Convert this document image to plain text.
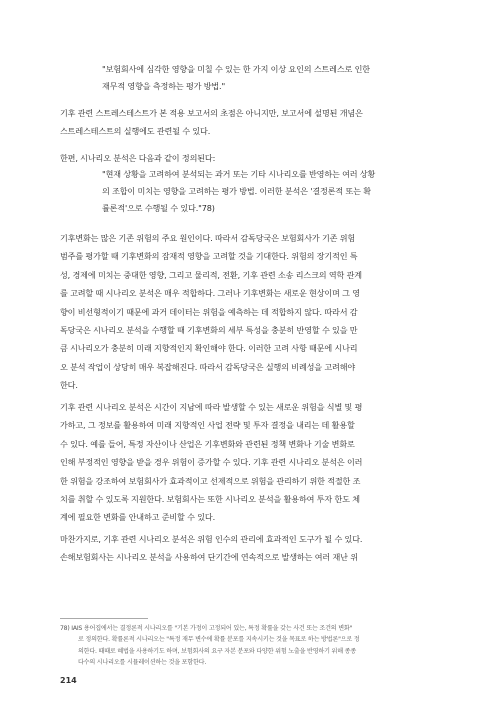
"보험회사에 심각한 영향을 미칠 수 있는 한 가지 이상 요인의 스트레스로 인한
재무적 영향을 측정하는 평가 방법."
기후 관련 스트레스테스트가 본 적용 보고서의 초점은 아니지만, 보고서에 설명된 개념은
스트레스테스트의 실행에도 관련될 수 있다.
한편, 시나리오 분석은 다음과 같이 정의된다:
"현재 상황을 고려하여 분석되는 과거 또는 기타 시나리오를 반영하는 여러 상황
의 조합이 미치는 영향을 고려하는 평가 방법. 이러한 분석은 '결정론적 또는 확
률론적'으로 수행될 수 있다."78)
기후변화는 많은 기존 위험의 주요 원인이다. 따라서 감독당국은 보험회사가 기존 위험
범주를 평가할 때 기후변화의 잠재적 영향을 고려할 것을 기대한다. 위험의 장기적인 특
성, 경제에 미치는 중대한 영향, 그리고 물리적, 전환, 기후 관련 소송 리스크의 역학 관계
를 고려할 때 시나리오 분석은 매우 적합하다. 그러나 기후변화는 새로운 현상이며 그 영
향이 비선형적이기 때문에 과거 데이터는 위험을 예측하는 데 적합하지 않다. 따라서 감
독당국은 시나리오 분석을 수행할 때 기후변화의 세부 특성을 충분히 반영할 수 있을 만
큼 시나리오가 충분히 미래 지향적인지 확인해야 한다. 이러한 고려 사항 때문에 시나리
오 분석 작업이 상당히 매우 복잡해진다. 따라서 감독당국은 실행의 비례성을 고려해야
한다.
기후 관련 시나리오 분석은 시간이 지남에 따라 발생할 수 있는 새로운 위험을 식별 및 평
가하고, 그 정보를 활용하여 미래 지향적인 사업 전략 및 투자 결정을 내리는 데 활용할
수 있다. 예를 들어, 특정 자산이나 산업은 기후변화와 관련된 정책 변화나 기술 변화로
인해 부정적인 영향을 받을 경우 위험이 증가할 수 있다. 기후 관련 시나리오 분석은 이러
한 위험을 강조하여 보험회사가 효과적이고 선제적으로 위험을 관리하기 위한 적절한 조
치를 취할 수 있도록 지원한다. 보험회사는 또한 시나리오 분석을 활용하여 투자 한도 체
계에 필요한 변화를 안내하고 준비할 수 있다.
마찬가지로, 기후 관련 시나리오 분석은 위험 인수의 관리에 효과적인 도구가 될 수 있다.
손해보험회사는 시나리오 분석을 사용하여 단기간에 연속적으로 발생하는 여러 재난 위
78) IAIS 용어집에서는 결정론적 시나리오를 "기본 가정이 고정되어 있는, 특정 확률을 갖는 사건 또는 조건의 변화"
로 정의한다. 확률론적 시나리오는 "특정 재무 변수에 확률 분포를 지속시키는 것을 목표로 하는 방법론"으로 정
의한다. 때때로 혜법을 사용하기도 하며, 보험회사의 요구 자본 분포와 다양한 위험 노출을 반영하기 위해 종종
다수의 시나리오를 시뮬레이션하는 것을 포함한다.
214
